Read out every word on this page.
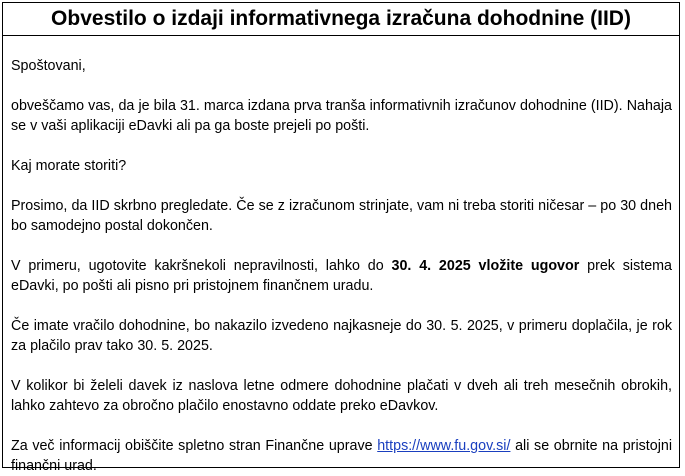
Obvestilo o izdaji informativnega izračuna dohodnine (IID)

Spoštovani,

obveščamo vas, da je bila 31. marca izdana prva tranša informativnih izračunov dohodnine (IID). Nahaja se v vaši aplikaciji eDavki ali pa ga boste prejeli po pošti.

Kaj morate storiti?

Prosimo, da IID skrbno pregledate. Če se z izračunom strinjate, vam ni treba storiti ničesar – po 30 dneh bo samodejno postal dokončen.

V primeru, ugotovite kakršnekoli nepravilnosti, lahko do 30. 4. 2025 vložite ugovor prek sistema eDavki, po pošti ali pisno pri pristojnem finančnem uradu.

Če imate vračilo dohodnine, bo nakazilo izvedeno najkasneje do 30. 5. 2025, v primeru doplačila, je rok za plačilo prav tako 30. 5. 2025.

V kolikor bi želeli davek iz naslova letne odmere dohodnine plačati v dveh ali treh mesečnih obrokih, lahko zahtevo za obročno plačilo enostavno oddate preko eDavkov.

Za več informacij obiščite spletno stran Finančne uprave https://www.fu.gov.si/ ali se obrnite na pristojni finančni urad.
